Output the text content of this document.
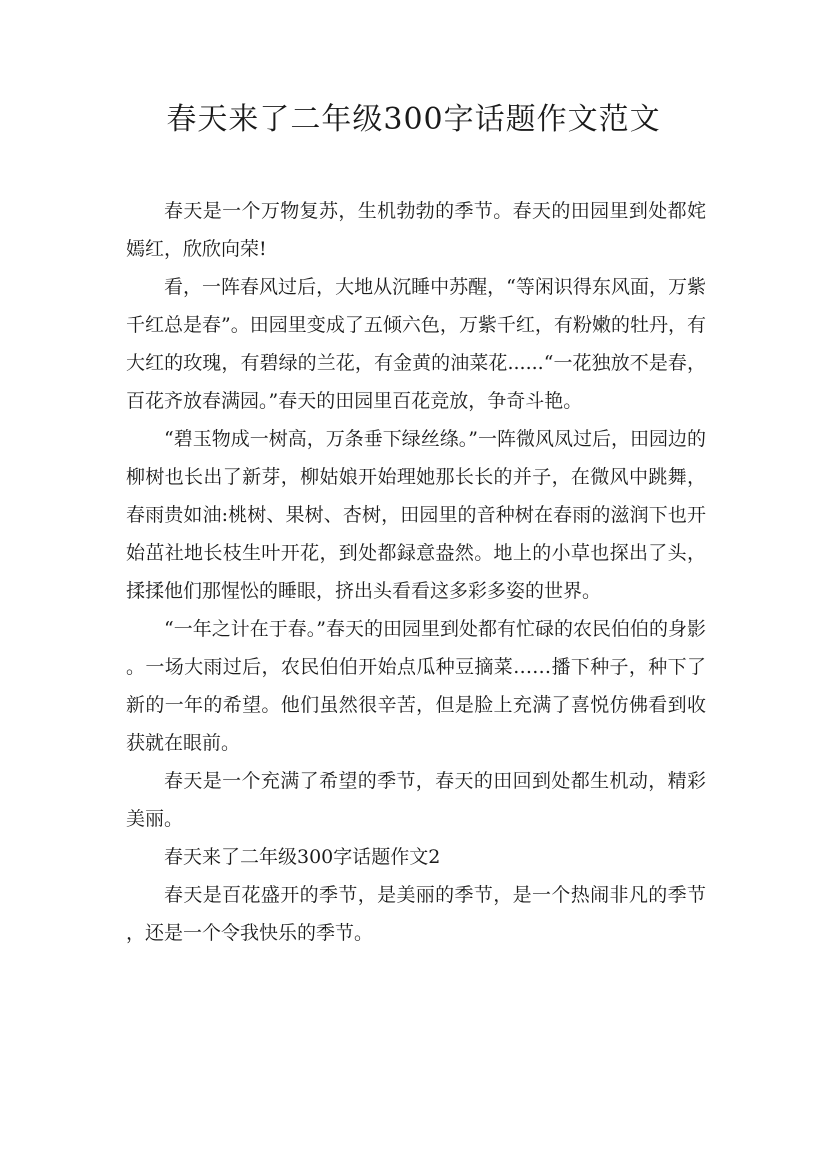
春天来了二年级300字话题作文范文

春天是一个万物复苏，生机勃勃的季节。春天的田园里到处都姹嫣红，欣欣向荣!

看，一阵春风过后，大地从沉睡中苏醒，“等闲识得东风面，万紫千红总是春”。田园里变成了五倾六色，万紫千红，有粉嫩的牡丹，有大红的玫瑰，有碧绿的兰花，有金黄的油菜花......“一花独放不是春，百花齐放春满园。”春天的田园里百花竞放，争奇斗艳。

“碧玉物成一树高，万条垂下绿丝绦。”一阵微风凤过后，田园边的柳树也长出了新芽，柳姑娘开始理她那长长的并子，在微风中跳舞，春雨贵如油:桃树、果树、杏树，田园里的音种树在春雨的滋润下也开始茁社地长枝生叶开花，到处都録意盎然。地上的小草也探出了头，揉揉他们那惺忪的睡眼，挤出头看看这多彩多姿的世界。

“一年之计在于春。”春天的田园里到处都有忙碌的农民伯伯的身影。一场大雨过后，农民伯伯开始点瓜种豆摘菜……播下种子，种下了新的一年的希望。他们虽然很辛苦，但是脸上充满了喜悦仿佛看到收获就在眼前。

春天是一个充满了希望的季节，春天的田回到处都生机动，精彩美丽。

春天来了二年级300字话题作文2

春天是百花盛开的季节，是美丽的季节，是一个热闹非凡的季节，还是一个令我快乐的季节。
